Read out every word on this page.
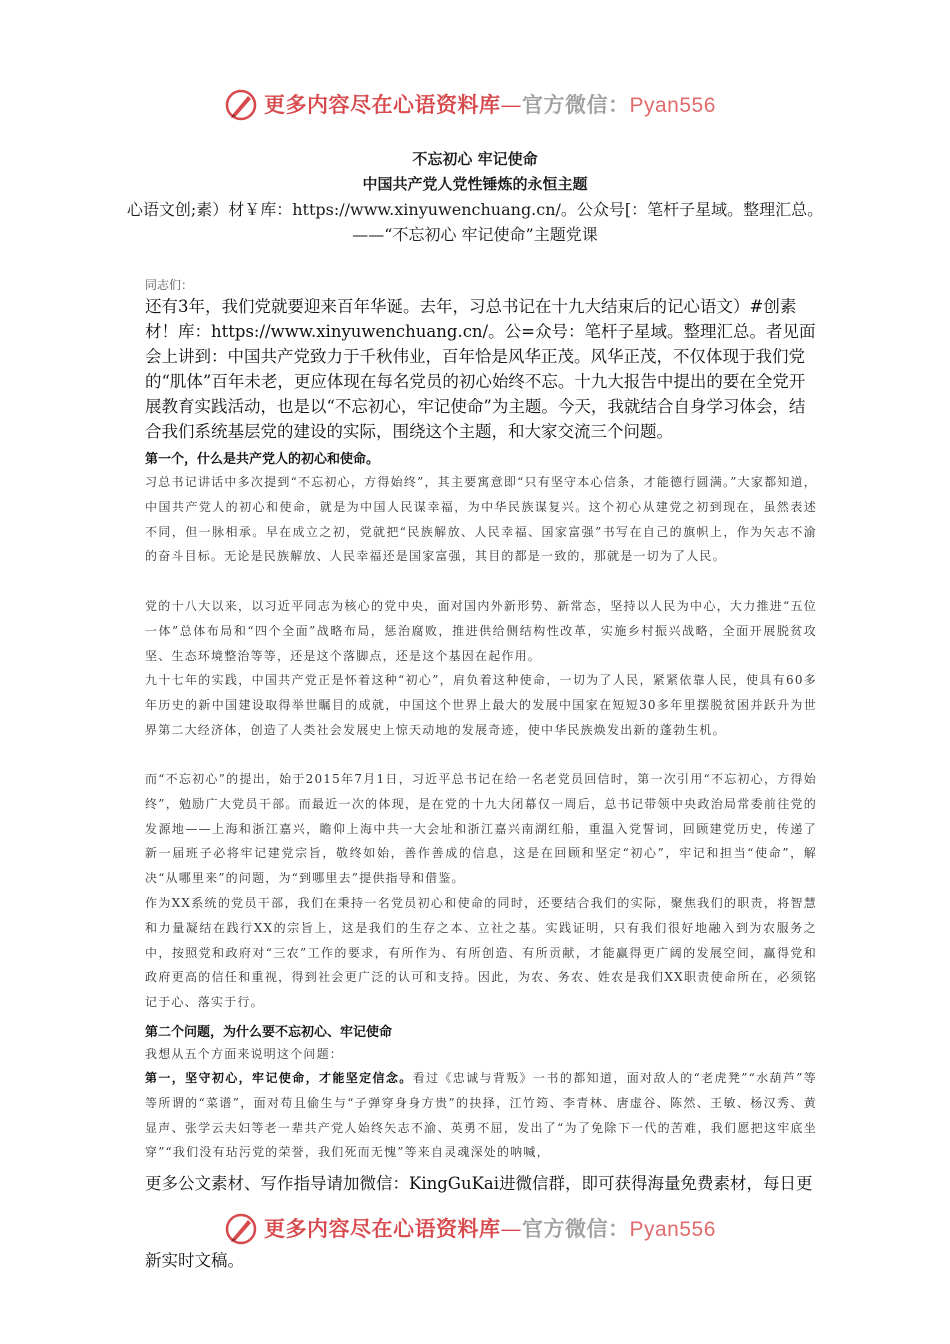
更多内容尽在心语资料库—官方微信：Pyan556
不忘初心 牢记使命
中国共产党人党性锤炼的永恒主题
心语文创;素）材￥库：https://www.xinyuwenchuang.cn/。公众号[：笔杆子星域。整理汇总。
——“不忘初心 牢记使命”主题党课
同志们：
还有3年，我们党就要迎来百年华诞。去年，习总书记在十九大结束后的记心语文）#创素材！库：https://www.xinyuwenchuang.cn/。公=众号：笔杆子星域。整理汇总。者见面会上讲到：中国共产党致力于千秋伟业，百年恰是风华正茂。风华正茂，不仅体现于我们党的“肌体”百年未老，更应体现在每名党员的初心始终不忘。十九大报告中提出的要在全党开展教育实践活动，也是以“不忘初心，牢记使命”为主题。今天，我就结合自身学习体会，结合我们系统基层党的建设的实际，围绕这个主题，和大家交流三个问题。
第一个，什么是共产党人的初心和使命。
习总书记讲话中多次提到“不忘初心，方得始终”，其主要寓意即“只有坚守本心信条，才能德行圆满。”大家都知道，中国共产党人的初心和使命，就是为中国人民谋幸福，为中华民族谋复兴。这个初心从建党之初到现在，虽然表述不同，但一脉相承。早在成立之初，党就把“民族解放、人民幸福、国家富强”书写在自己的旗帜上，作为矢志不渝的奋斗目标。无论是民族解放、人民幸福还是国家富强，其目的都是一致的，那就是一切为了人民。
党的十八大以来，以习近平同志为核心的党中央，面对国内外新形势、新常态，坚持以人民为中心，大力推进“五位一体”总体布局和“四个全面”战略布局，惩治腐败，推进供给侧结构性改革，实施乡村振兴战略，全面开展脱贫攻坚、生态环境整治等等，还是这个落脚点，还是这个基因在起作用。
九十七年的实践，中国共产党正是怀着这种“初心”，肩负着这种使命，一切为了人民，紧紧依靠人民，使具有60多年历史的新中国建设取得举世瞩目的成就，中国这个世界上最大的发展中国家在短短30多年里摆脱贫困并跃升为世界第二大经济体，创造了人类社会发展史上惊天动地的发展奇迹，使中华民族焕发出新的蓬勃生机。
而“不忘初心”的提出，始于2015年7月1日，习近平总书记在给一名老党员回信时，第一次引用“不忘初心，方得始终”，勉励广大党员干部。而最近一次的体现，是在党的十九大闭幕仅一周后，总书记带领中央政治局常委前往党的发源地——上海和浙江嘉兴，瞻仰上海中共一大会址和浙江嘉兴南湖红船，重温入党誓词，回顾建党历史，传递了新一届班子必将牢记建党宗旨，敬终如始，善作善成的信息，这是在回顾和坚定“初心”，牢记和担当“使命”，解决“从哪里来”的问题，为“到哪里去”提供指导和借鉴。
作为XX系统的党员干部，我们在秉持一名党员初心和使命的同时，还要结合我们的实际，聚焦我们的职责，将智慧和力量凝结在践行XX的宗旨上，这是我们的生存之本、立社之基。实践证明，只有我们很好地融入到为农服务之中，按照党和政府对“三农”工作的要求，有所作为、有所创造、有所贡献，才能赢得更广阔的发展空间，赢得党和政府更高的信任和重视，得到社会更广泛的认可和支持。因此，为农、务农、姓农是我们XX职责使命所在，必须铭记于心、落实于行。
第二个问题，为什么要不忘初心、牢记使命
我想从五个方面来说明这个问题：
第一，坚守初心，牢记使命，才能坚定信念。看过《忠诚与背叛》一书的都知道，面对敌人的“老虎凳”“水葫芦”等等所谓的“菜谱”，面对苟且偷生与“子弹穿身身方贵”的抉择，江竹筠、李青林、唐虚谷、陈然、王敏、杨汉秀、黄显声、张学云夫妇等老一辈共产党人始终矢志不渝、英勇不屈，发出了“为了免除下一代的苦难，我们愿把这牢底坐穿”“我们没有玷污党的荣誉，我们死而无愧”等来自灵魂深处的呐喊，
更多公文素材、写作指导请加微信：KingGuKai进微信群，即可获得海量免费素材，每日更
更多内容尽在心语资料库—官方微信：Pyan556
新实时文稿。
